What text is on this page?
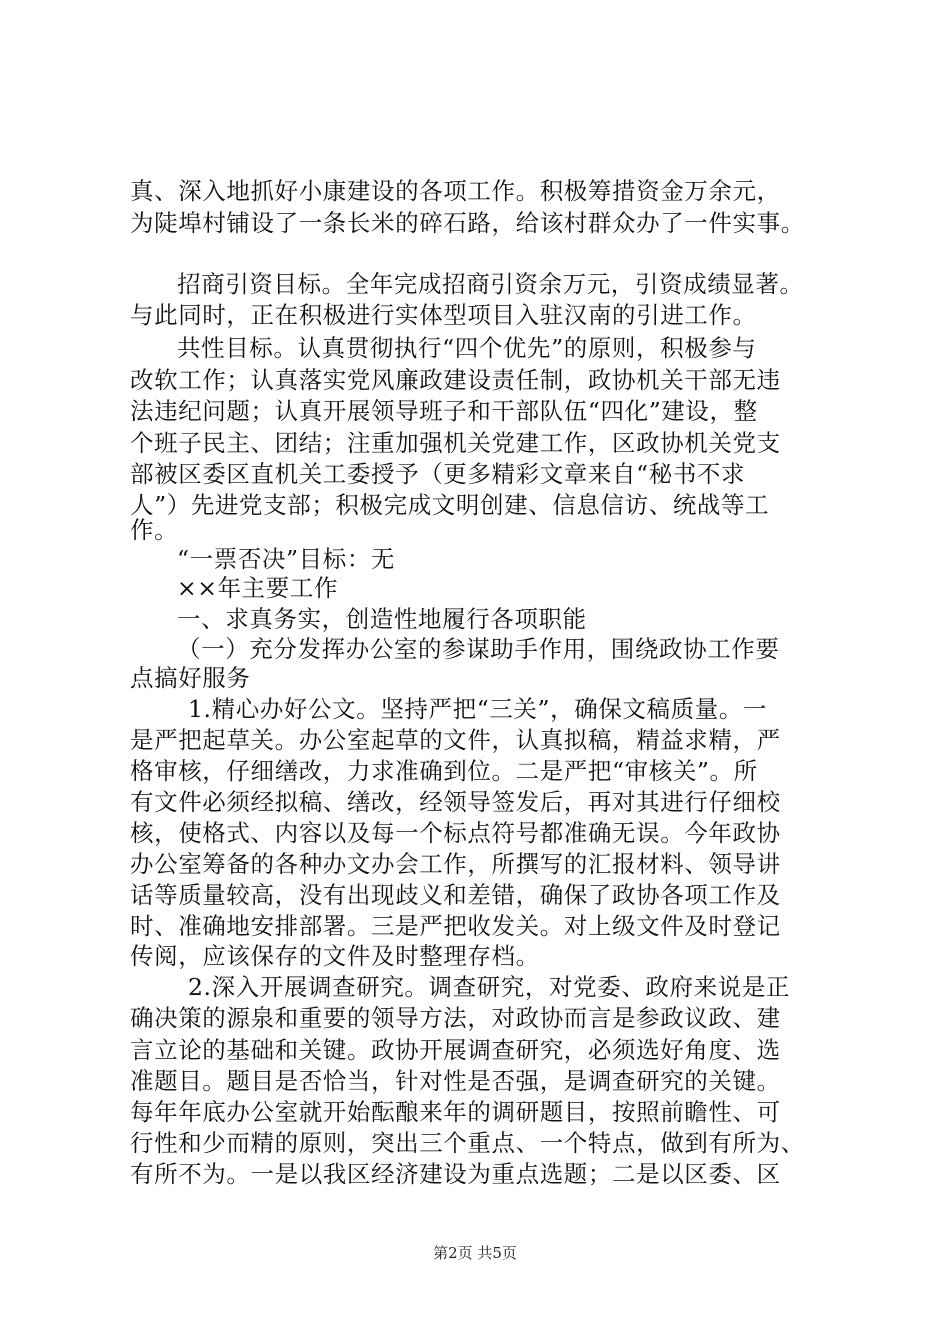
真、深入地抓好小康建设的各项工作。积极筹措资金万余元，
为陡埠村铺设了一条长米的碎石路，给该村群众办了一件实事。
招商引资目标。全年完成招商引资余万元，引资成绩显著。
与此同时，正在积极进行实体型项目入驻汉南的引进工作。
共性目标。认真贯彻执行“四个优先”的原则，积极参与
改软工作；认真落实党风廉政建设责任制，政协机关干部无违
法违纪问题；认真开展领导班子和干部队伍“四化”建设，整
个班子民主、团结；注重加强机关党建工作，区政协机关党支
部被区委区直机关工委授予（更多精彩文章来自“秘书不求
人”）先进党支部；积极完成文明创建、信息信访、统战等工
作。
“一票否决”目标：无
××年主要工作
一、求真务实，创造性地履行各项职能
（一）充分发挥办公室的参谋助手作用，围绕政协工作要
点搞好服务
1.精心办好公文。坚持严把“三关”，确保文稿质量。一
是严把起草关。办公室起草的文件，认真拟稿，精益求精，严
格审核，仔细缮改，力求准确到位。二是严把“审核关”。所
有文件必须经拟稿、缮改，经领导签发后，再对其进行仔细校
核，使格式、内容以及每一个标点符号都准确无误。今年政协
办公室筹备的各种办文办会工作，所撰写的汇报材料、领导讲
话等质量较高，没有出现歧义和差错，确保了政协各项工作及
时、准确地安排部署。三是严把收发关。对上级文件及时登记
传阅，应该保存的文件及时整理存档。
2.深入开展调查研究。调查研究，对党委、政府来说是正
确决策的源泉和重要的领导方法，对政协而言是参政议政、建
言立论的基础和关键。政协开展调查研究，必须选好角度、选
准题目。题目是否恰当，针对性是否强，是调查研究的关键。
每年年底办公室就开始酝酿来年的调研题目，按照前瞻性、可
行性和少而精的原则，突出三个重点、一个特点，做到有所为、
有所不为。一是以我区经济建设为重点选题；二是以区委、区
第2页 共5页
